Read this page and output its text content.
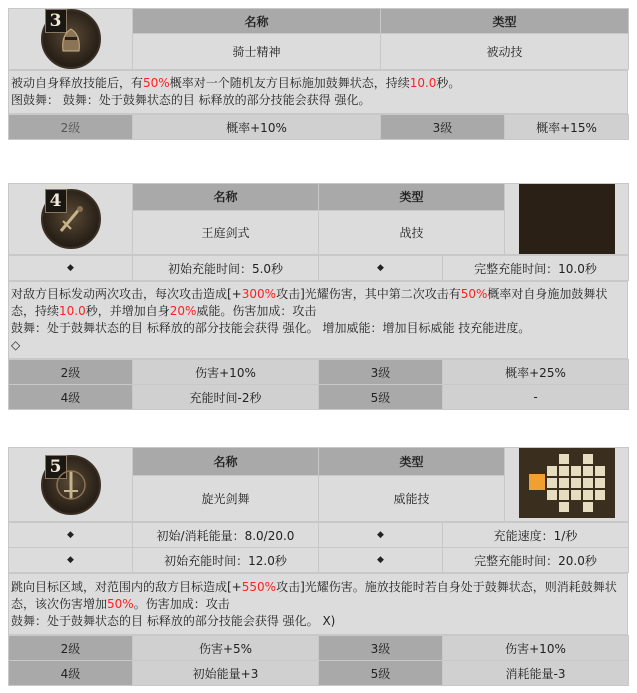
3	名称	类型
	骑士精神	被动技
被动自身释放技能后，有50%概率对一个随机友方目标施加鼓舞状态，持续10.0秒。
图鼓舞： 鼓舞：处于鼓舞状态的目 标释放的部分技能会获得 强化。
2级	概率+10%	3级	概率+15%
4	名称	类型	

	王庭剑式	战技	
◆	初始充能时间：5.0秒	◆	完整充能时间：10.0秒
对敌方目标发动两次攻击，每次攻击造成[+300%攻击]光耀伤害，其中第二次攻击有50%概率对自身施加鼓舞状态，持续10.0秒，并增加自身20%威能。伤害加成：攻击
鼓舞：处于鼓舞状态的目 标释放的部分技能会获得 强化。 增加威能：增加目标威能 技充能进度。
◇
2级	伤害+10%	3级	概率+25%
4级	充能时间-2秒	5级	-
5	名称	类型	
	旋光剑舞	威能技	
◆	初始/消耗能量：8.0/20.0	◆	充能速度：1/秒
◆	初始充能时间：12.0秒	◆	完整充能时间：20.0秒
跳向目标区域，对范围内的敌方目标造成[+550%攻击]光耀伤害。施放技能时若自身处于鼓舞状态，则消耗鼓舞状态，该次伤害增加50%。伤害加成：攻击
鼓舞：处于鼓舞状态的目 标释放的部分技能会获得 强化。 X)
2级	伤害+5%	3级	伤害+10%
4级	初始能量+3	5级	消耗能量-3
